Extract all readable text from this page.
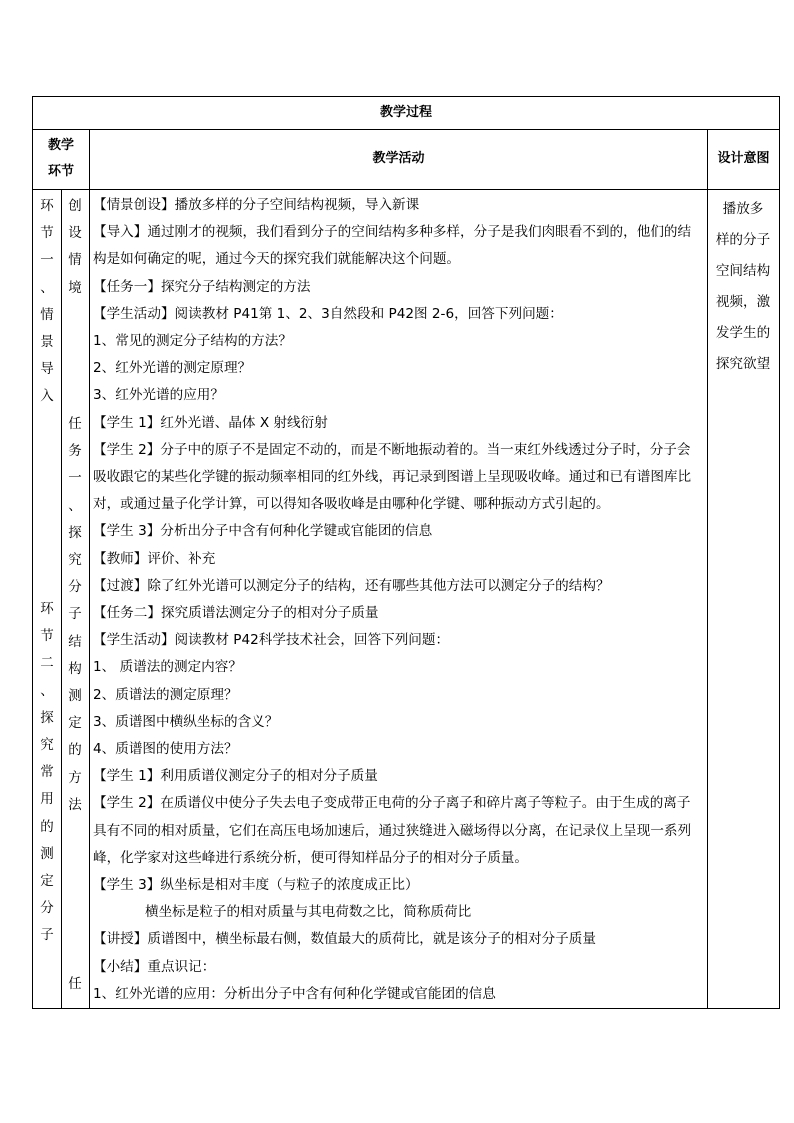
教学过程
教学环节
教学活动	设计意图
环
节
一
、
情
景
导
入
环
节
二
、
探
究
常
用
的
测
定
分
子
创
设
情
境
任
务
一
、
探
究
分
子
结
构
测
定
的
方
法
任

【情景创设】播放多样的分子空间结构视频，导入新课

【导入】通过刚才的视频，我们看到分子的空间结构多种多样，分子是我们肉眼看不到的，他们的结构是如何确定的呢，通过今天的探究我们就能解决这个问题。

【任务一】探究分子结构测定的方法

【学生活动】阅读教材 P41第 1、2、3自然段和 P42图 2-6，回答下列问题：

1、常见的测定分子结构的方法？

2、红外光谱的测定原理？

3、红外光谱的应用？

【学生 1】红外光谱、晶体 X 射线衍射

【学生 2】分子中的原子不是固定不动的，而是不断地振动着的。当一束红外线透过分子时，分子会吸收跟它的某些化学键的振动频率相同的红外线，再记录到图谱上呈现吸收峰。通过和已有谱图库比对，或通过量子化学计算，可以得知各吸收峰是由哪种化学键、哪种振动方式引起的。

【学生 3】分析出分子中含有何种化学键或官能团的信息

【教师】评价、补充

【过渡】除了红外光谱可以测定分子的结构，还有哪些其他方法可以测定分子的结构？

【任务二】探究质谱法测定分子的相对分子质量

【学生活动】阅读教材 P42科学技术社会，回答下列问题：

1、 质谱法的测定内容？

2、质谱法的测定原理？

3、质谱图中横纵坐标的含义？

4、质谱图的使用方法？

【学生 1】利用质谱仪测定分子的相对分子质量

【学生 2】在质谱仪中使分子失去电子变成带正电荷的分子离子和碎片离子等粒子。由于生成的离子具有不同的相对质量，它们在高压电场加速后，通过狭缝进入磁场得以分离，在记录仪上呈现一系列峰，化学家对这些峰进行系统分析，便可得知样品分子的相对分子质量。

【学生 3】纵坐标是相对丰度（与粒子的浓度成正比）

横坐标是粒子的相对质量与其电荷数之比，简称质荷比

【讲授】质谱图中，横坐标最右侧，数值最大的质荷比，就是该分子的相对分子质量

【小结】重点识记：

1、红外光谱的应用：分析出分子中含有何种化学键或官能团的信息

播放多
样的分子
空间结构
视频，激
发学生的
探究欲望
